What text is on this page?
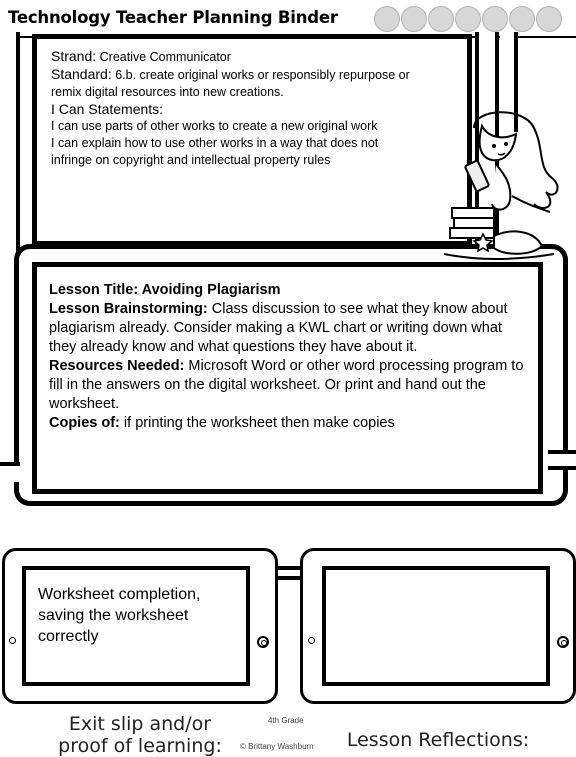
Technology Teacher Planning Binder
Strand: Creative Communicator
Standard: 6.b. create original works or responsibly repurpose or
remix digital resources into new creations.
I Can Statements:
I can use parts of other works to create a new original work
I can explain how to use other works in a way that does not
infringe on copyright and intellectual property rules
Lesson Title: Avoiding Plagiarism
Lesson Brainstorming: Class discussion to see what they know about plagiarism already. Consider making a KWL chart or writing down what they already know and what questions they have about it.
Resources Needed: Microsoft Word or other word processing program to fill in the answers on the digital worksheet. Or print and hand out the worksheet.
Copies of: if printing the worksheet then make copies
Worksheet completion, saving the worksheet correctly
Exit slip and/or
proof of learning:	Lesson Reflections:
4th Grade
© Brittany Washburn
